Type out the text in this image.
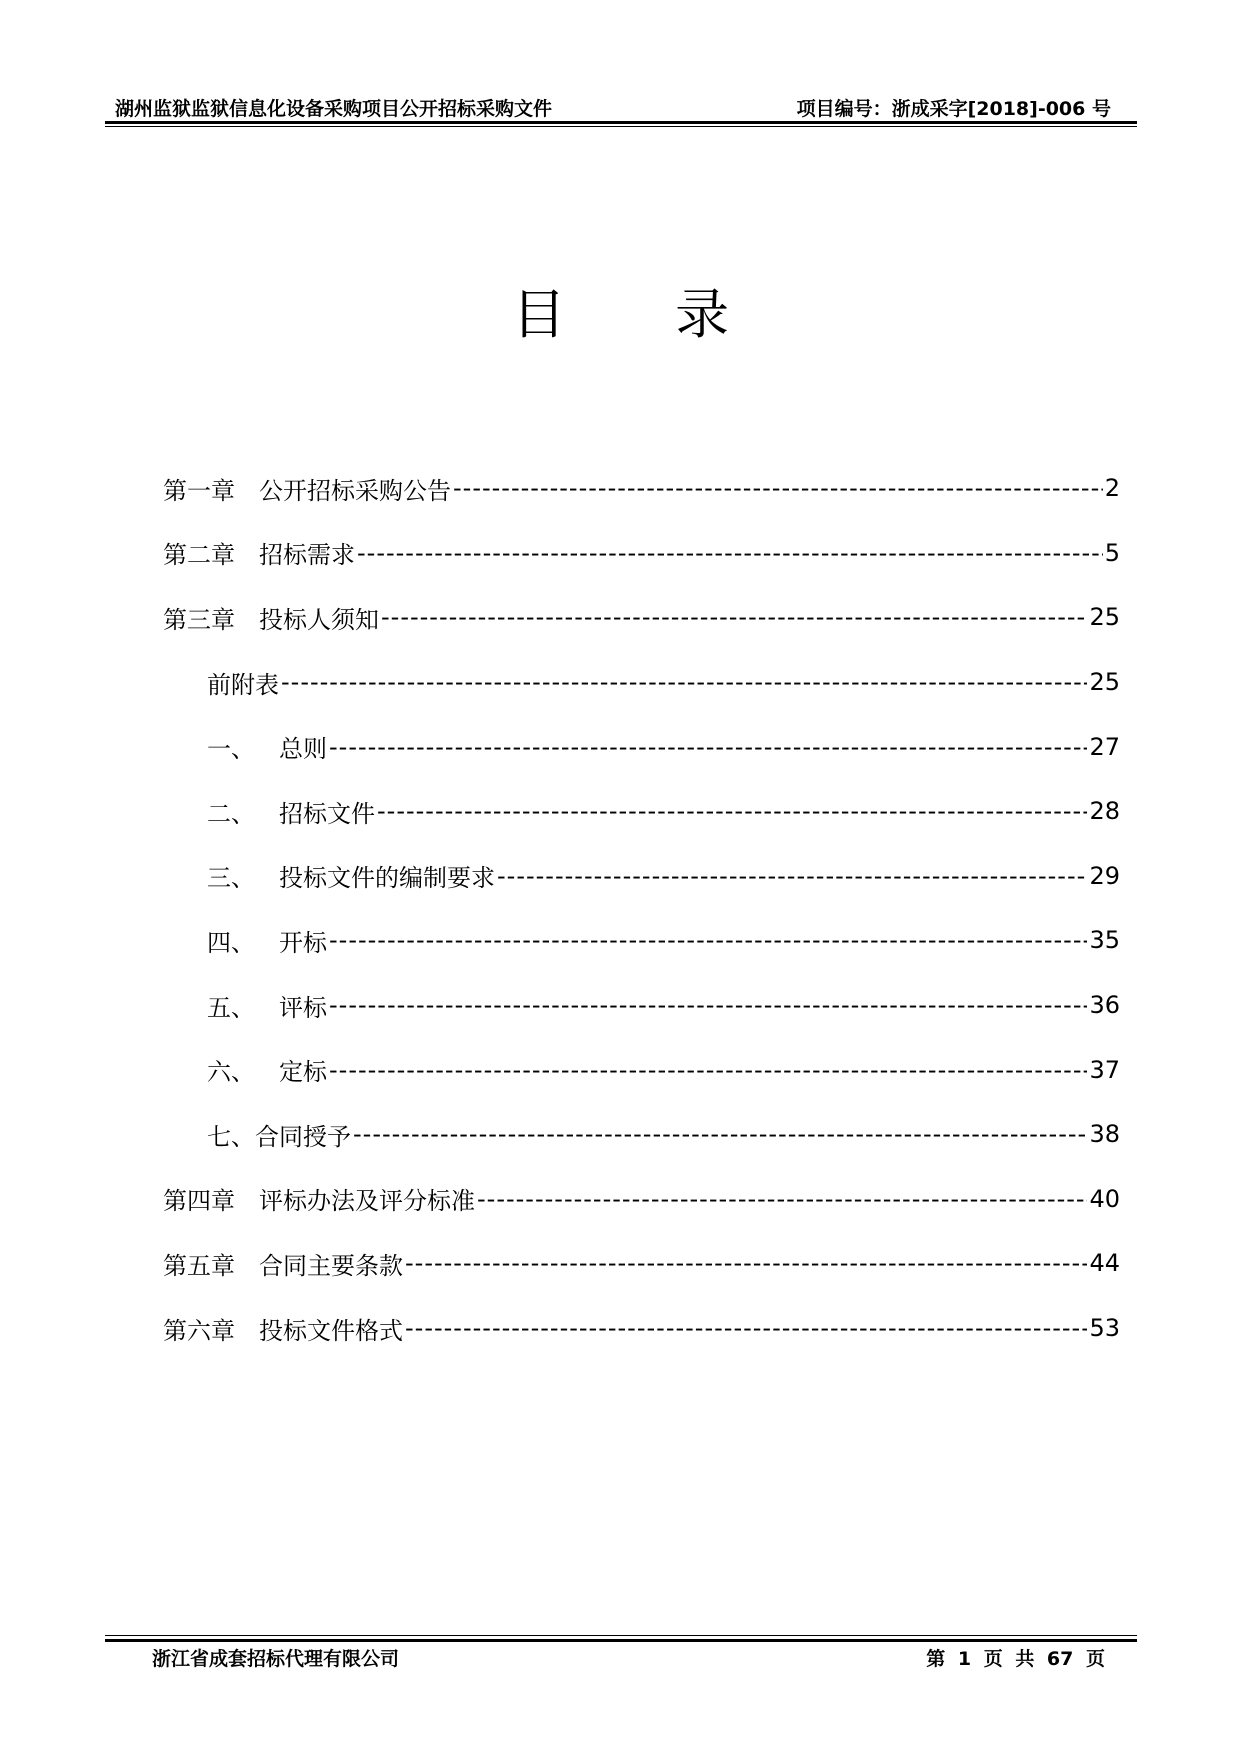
湖州监狱监狱信息化设备采购项目公开招标采购文件	项目编号：浙成采字[2018]-006 号
目 录
第一章 公开招标采购公告 -----	2
第二章 招标需求 -----	5
第三章 投标人须知 -----	25
前附表 -----	25
一、 总则 -----	27
二、 招标文件 -----	28
三、 投标文件的编制要求 -----	29
四、 开标 -----	35
五、 评标 -----	36
六、 定标 -----	37
七、 合同授予 -----	38
第四章 评标办法及评分标准 -----	40
第五章 合同主要条款 -----	44
第六章 投标文件格式 -----	53
浙江省成套招标代理有限公司	第 1 页 共 67 页
